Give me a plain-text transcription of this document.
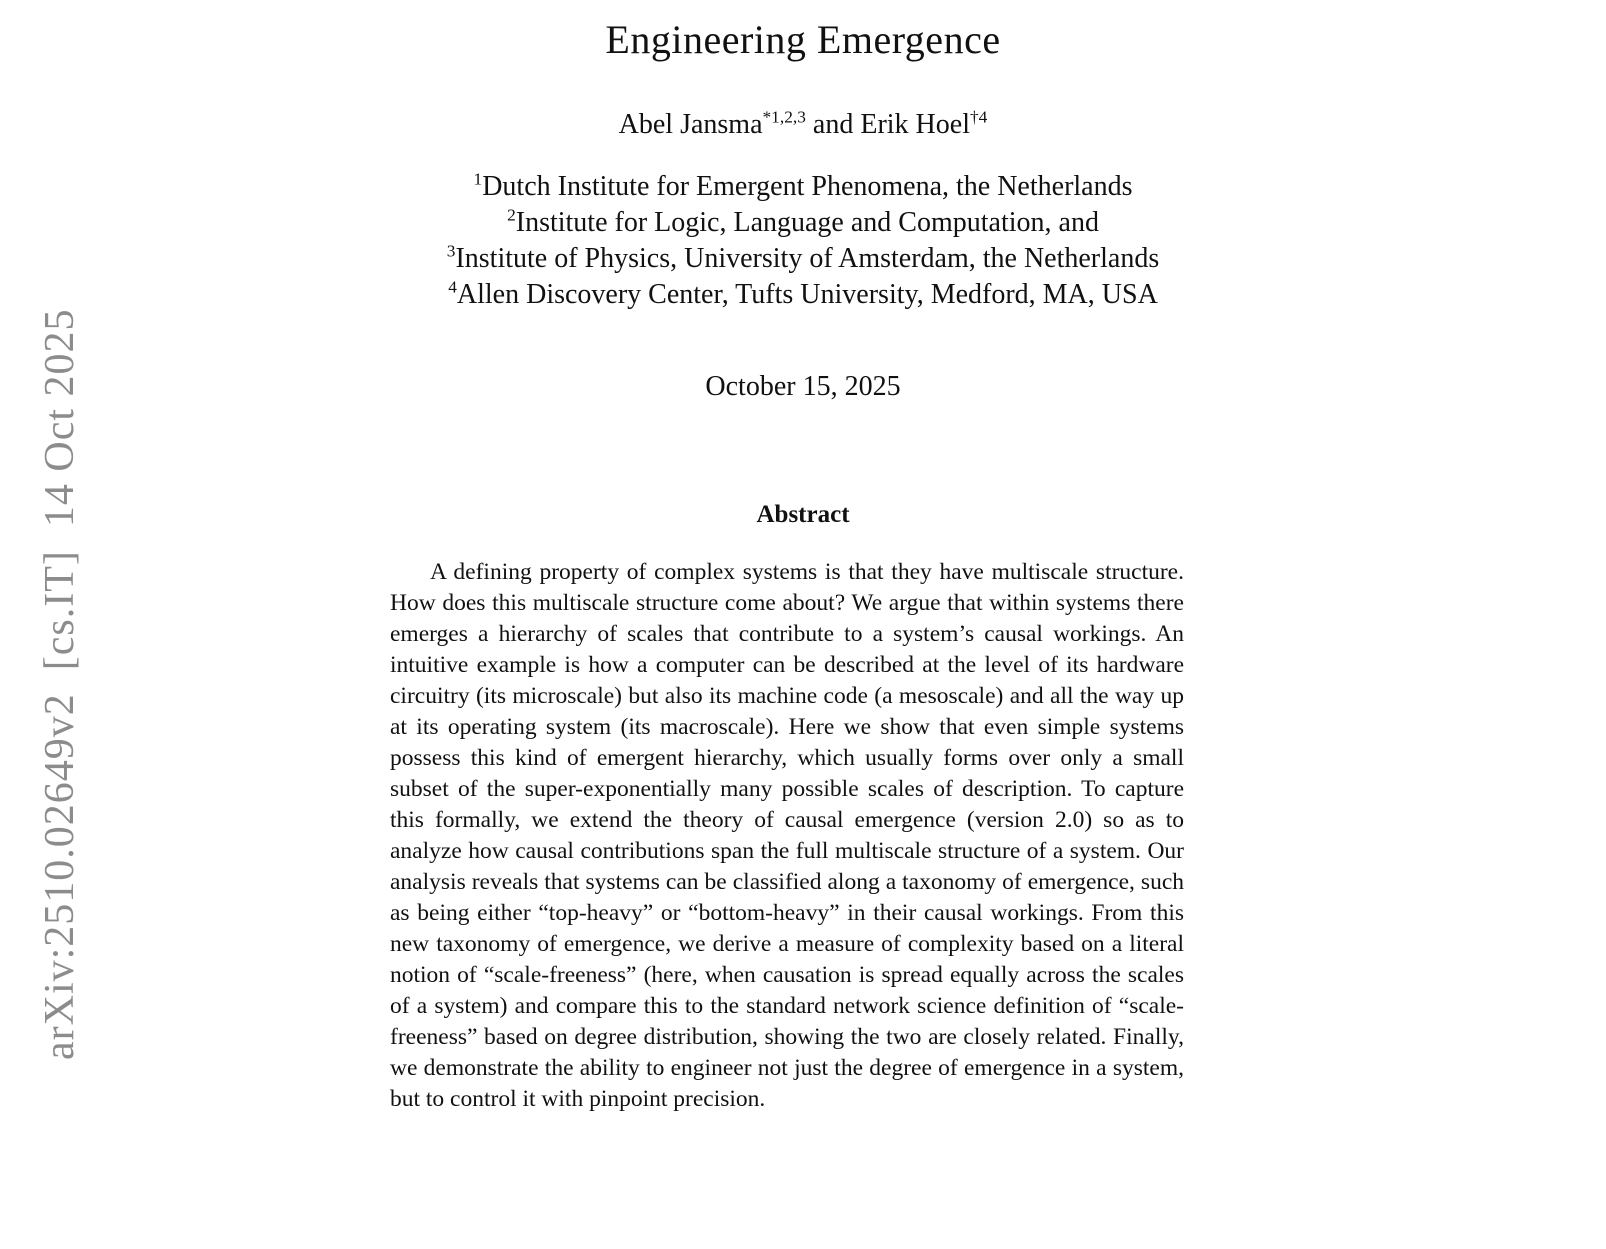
arXiv:2510.02649v2  [cs.IT]  14 Oct 2025
Engineering Emergence
Abel Jansma$^{*1,2,3}$ and Erik Hoel$^{\dagger 4}$
$^1$Dutch Institute for Emergent Phenomena, the Netherlands
$^2$Institute for Logic, Language and Computation, and
$^3$Institute of Physics, University of Amsterdam, the Netherlands
$^4$Allen Discovery Center, Tufts University, Medford, MA, USA
October 15, 2025
Abstract

A defining property of complex systems is that they have multiscale structure. How does this multiscale structure come about? We argue that within systems there emerges a hierarchy of scales that contribute to a system’s causal workings. An intuitive example is how a computer can be described at the level of its hardware circuitry (its microscale) but also its machine code (a mesoscale) and all the way up at its operating system (its macroscale). Here we show that even simple systems possess this kind of emergent hierarchy, which usually forms over only a small subset of the super-exponentially many possible scales of description. To capture this formally, we extend the theory of causal emergence (version 2.0) so as to analyze how causal contributions span the full multiscale structure of a system. Our analysis reveals that systems can be classified along a taxonomy of emergence, such as being either “top-heavy” or “bottom-heavy” in their causal workings. From this new taxonomy of emergence, we derive a measure of complexity based on a literal notion of “scale-freeness” (here, when causation is spread equally across the scales of a system) and compare this to the standard network science definition of “scale-freeness” based on degree distribution, showing the two are closely related. Finally, we demonstrate the ability to engineer not just the degree of emergence in a system, but to control it with pinpoint precision.
